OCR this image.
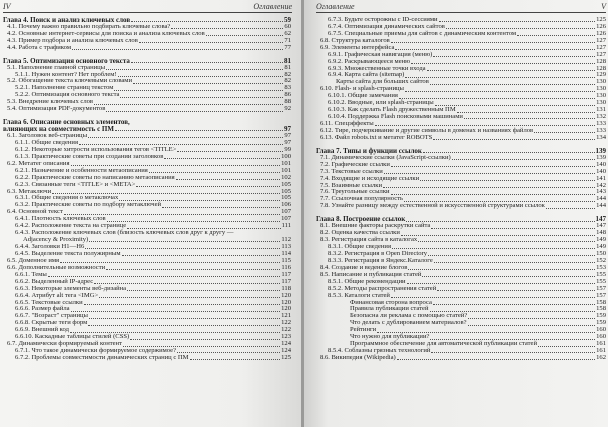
IV	Оглавление
Глава 4. Поиск и анализ ключевых слов	59
4.1. Почему важно правильно подбирать ключевые слова?	60
4.2. Основные интернет-сервисы для поиска и анализа ключевых слов	62
4.3. Пример подбора и анализа ключевых слов	71
4.4. Работа с трафиком	77
Глава 5. Оптимизация основного текста	81
5.1. Наполнение главной страницы	81
5.1.1. Нужен контент? Нет проблем!	82
5.2. Обогащение текста ключевыми словами	82
5.2.1. Наполнение страниц текстом	83
5.2.2. Оптимизация основного текста	86
5.3. Внедрение ключевых слов	88
5.4. Оптимизация PDF-документов	92
Глава 6. Описание основных элементов,
влияющих на совместимость с ПМ	97
6.1. Заголовок веб-страницы	97
6.1.1. Общие сведения	97
6.1.2. Некоторые хитрости использования тегов <TITLE>	99
6.1.3. Практические советы при создании заголовков	100
6.2. Метатег описания	101
6.2.1. Назначение и особенности метаописания	101
6.2.2. Практические советы по написанию метаописания	102
6.2.3. Связанные теги <TITLE> и <META>	105
6.3. Метаключи	105
6.3.1. Общие сведения о метаключах	105
6.3.2. Практические советы по подбору метаключей	106
6.4. Основной текст	107
6.4.1. Плотность ключевых слов	107
6.4.2. Расположение текста на странице	111
6.4.3. Расположение ключевых слов (близость ключевых слов друг к другу —
Adjacency & Proximity)	112
6.4.4. Заголовки H1—H6	113
6.4.5. Выделение текста полужирным	114
6.5. Доменное имя	115
6.6. Дополнительные возможности	116
6.6.1. Темы	117
6.6.2. Выделенный IP-адрес	117
6.6.3. Некоторые элементы веб-дизайна	118
6.6.4. Атрибут alt тега <IMG>	120
6.6.5. Текстовые ссылки	120
6.6.6. Размер файла	120
6.6.7. "Возраст" страницы	121
6.6.8. Скрытые теги форм	122
6.6.9. Внешний код	122
6.6.10. Каскадные таблицы стилей (CSS)	123
6.7. Динамически формируемый контент	124
6.7.1. Что такое динамически формируемое содержимое?	124
6.7.2. Проблемы совместимости динамических страниц с ПМ	125
Оглавление	V
6.7.3. Будьте осторожны с ID-сессиями	125
6.7.4. Оптимизация динамических сайтов	126
6.7.5. Специальные приемы для сайтов с динамическим контентом	126
6.8. Структура каталогов	127
6.9. Элементы интерфейса	127
6.9.1. Графическая навигация (меню)	127
6.9.2. Раскрывающееся меню	128
6.9.3. Множественные точки входа	128
6.9.4. Карта сайта (sitemap)	129
Карты сайта для больших сайтов	130
6.10. Flash- и splash-страницы	130
6.10.1. Общие замечания	130
6.10.2. Вводные, или splash-страницы	130
6.10.3. Как сделать Flash дружественным ПМ	131
6.10.4. Поддержка Flash поисковыми машинами	132
6.11. Спецэффекты	133
6.12. Тире, подчеркивание и другие символы в доменах и названиях файлов	133
6.13. Файл robots.txt и метатег ROBOTS	134
Глава 7. Типы и функции ссылок	139
7.1. Динамические ссылки (JavaScript-ссылки)	139
7.2. Графические ссылки	140
7.3. Текстовые ссылки	140
7.4. Входящие и исходящие ссылки	141
7.5. Взаимные ссылки	142
7.6. Треугольные ссылки	143
7.7. Ссылочная популярность	144
7.8. Узнайте разницу между естественной и искусственной структурами ссылок	144
Глава 8. Построение ссылок	147
8.1. Внешние факторы раскрутки сайта	147
8.2. Оценка качества ссылки	148
8.3. Регистрация сайта в каталогах	149
8.3.1. Общие сведения	149
8.3.2. Регистрация в Open Directory	150
8.3.3. Регистрация в Яндекс.Каталоге	152
8.4. Создание и ведение блогов	153
8.5. Написание и публикация статей	155
8.5.1. Общие рекомендации	155
8.5.2. Методы распространения статей	157
8.5.3. Каталоги статей	157
Финансовая сторона вопроса	158
Правила публикации статей	158
Безопасна ли реклама с помощью статей?	159
Что делать с дублированием материалов?	159
Рейтинги	160
Что нужно для публикации?	160
Программное обеспечение для автоматической публикации статей	161
8.5.4. Соблазны грязных технологий	161
8.6. Википедия (Wikipedia)	162
